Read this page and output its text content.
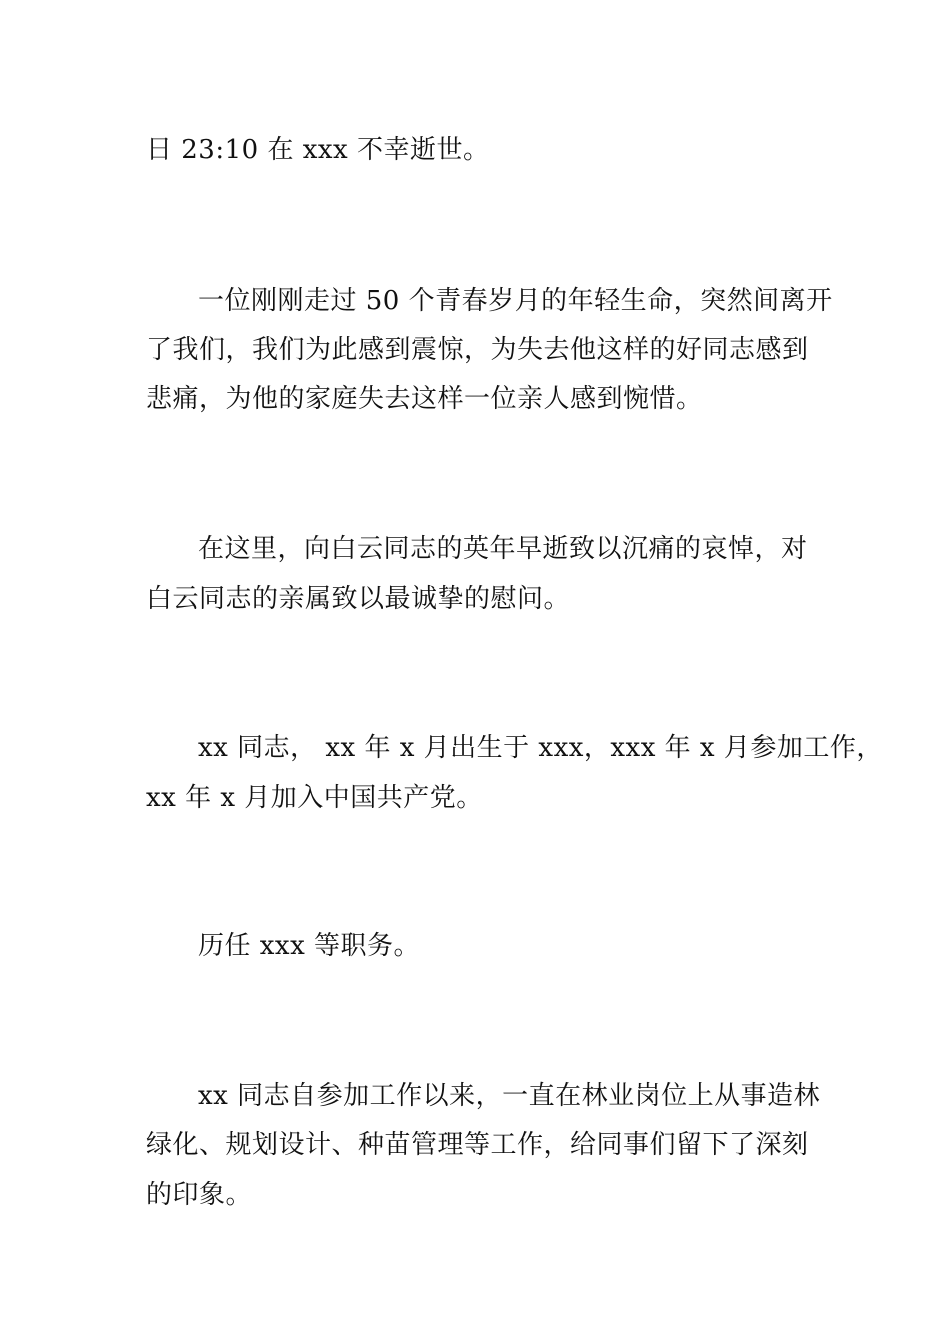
日 23:10 在 xxx 不幸逝世。
一位刚刚走过 50 个青春岁月的年轻生命，突然间离开
了我们，我们为此感到震惊，为失去他这样的好同志感到
悲痛，为他的家庭失去这样一位亲人感到惋惜。
在这里，向白云同志的英年早逝致以沉痛的哀悼，对
白云同志的亲属致以最诚挚的慰问。
xx 同志， xx 年 x 月出生于 xxx，xxx 年 x 月参加工作，
xx 年 x 月加入中国共产党。
历任 xxx 等职务。
xx 同志自参加工作以来，一直在林业岗位上从事造林
绿化、规划设计、种苗管理等工作，给同事们留下了深刻
的印象。
